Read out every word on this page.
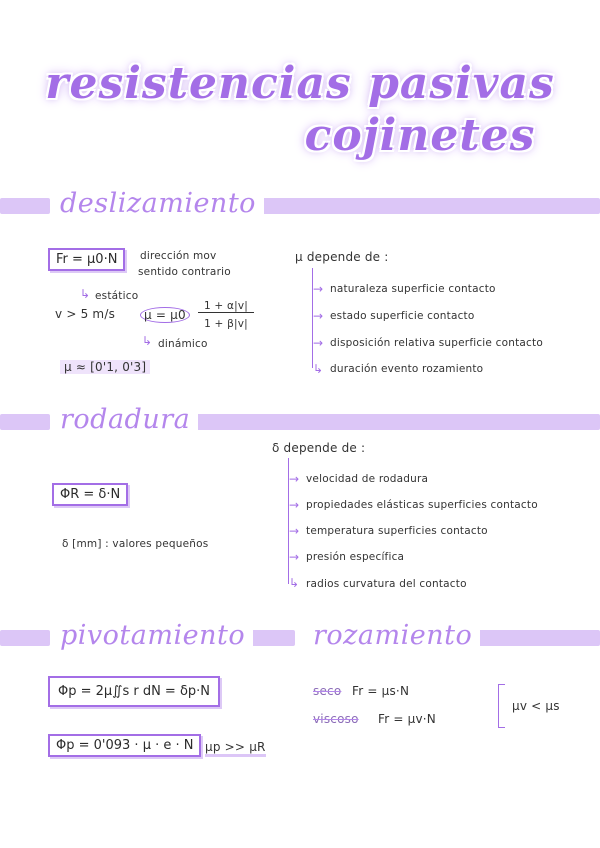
resistencias pasivas
cojinetes
deslizamiento
Fr = μ0·N	dirección mov
sentido contrario
↳ estático
v > 5 m/s	μ = μ0
1 + α|v|
1 + β|v|
↳ dinámico
μ ≈ [0'1, 0'3]
μ depende de :
→ naturaleza superficie contacto
→ estado superficie contacto
→ disposición relativa superficie contacto
↳ duración evento rozamiento
rodadura
ΦR = δ·N
δ [mm] : valores pequeños
δ depende de :
→ velocidad de rodadura
→ propiedades elásticas superficies contacto
→ temperatura superficies contacto
→ presión específica
↳ radios curvatura del contacto
pivotamiento
Φp = 2μ∬s r dN = δp·N
Φp = 0'093 · μ · e · N μp >> μR
rozamiento
seco Fr = μs·N
viscoso Fr = μv·N
μv < μs
